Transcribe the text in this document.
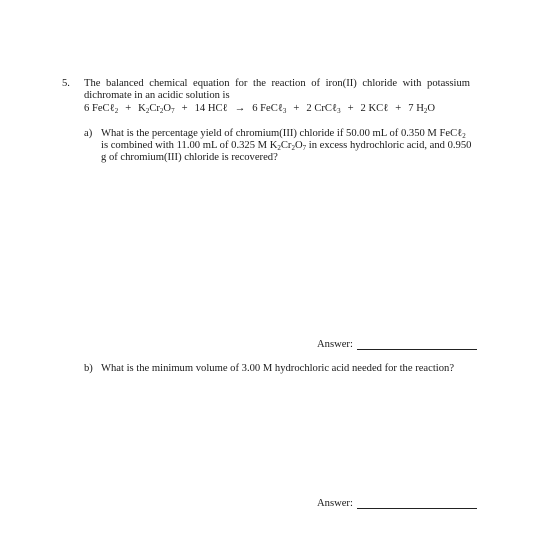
5. The balanced chemical equation for the reaction of iron(II) chloride with potassium
dichromate in an acidic solution is
6 FeCℓ$_2$ + $K_2Cr_2O_7 + 14$ HCℓ → 6 FeCℓ$_3$ + 2 CrCℓ$_3$ + 2 KCℓ + 7 $H_2O$
a) What is the percentage yield of chromium(III) chloride if 50.00 mL of 0.350 M FeCℓ$_2$
is combined with 11.00 mL of 0.325 M $K_2Cr_2O_7$ in excess hydrochloric acid, and 0.950
g of chromium(III) chloride is recovered?
Answer:
b) What is the minimum volume of 3.00 M hydrochloric acid needed for the reaction?
Answer:
